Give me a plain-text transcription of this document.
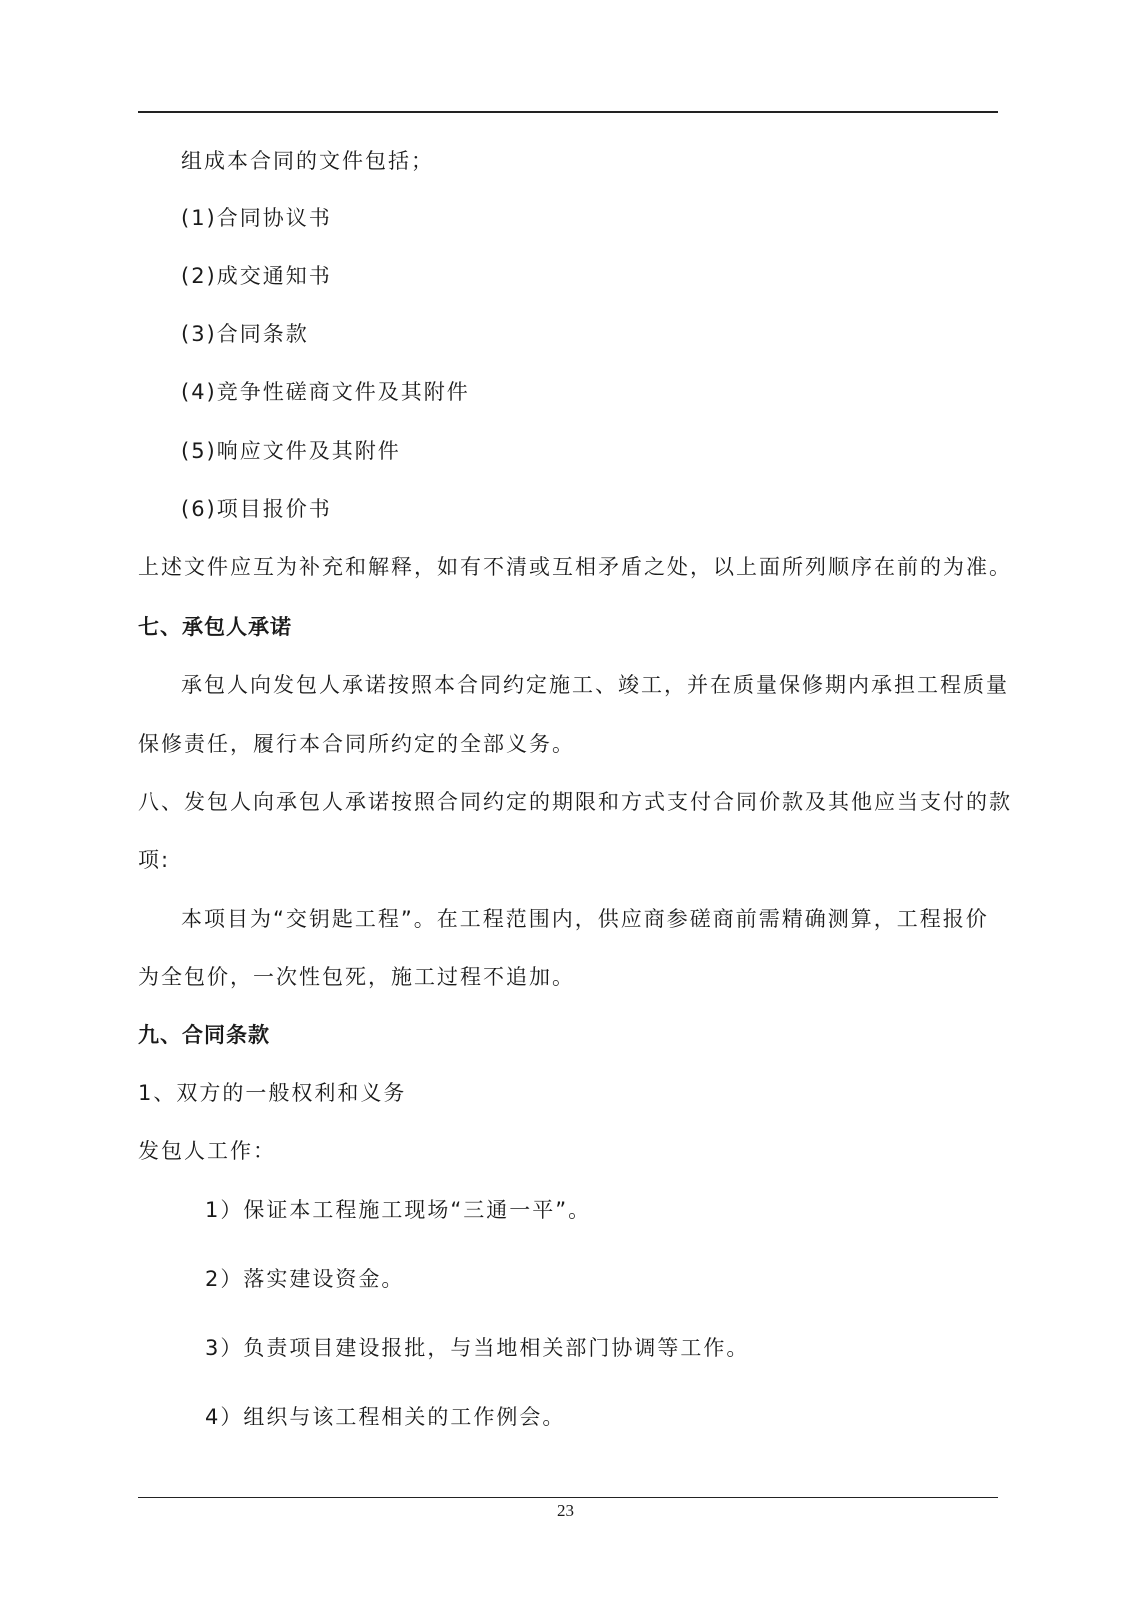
组成本合同的文件包括；
(1)合同协议书
(2)成交通知书
(3)合同条款
(4)竞争性磋商文件及其附件
(5)响应文件及其附件
(6)项目报价书
上述文件应互为补充和解释，如有不清或互相矛盾之处，以上面所列顺序在前的为准。
七、承包人承诺
承包人向发包人承诺按照本合同约定施工、竣工，并在质量保修期内承担工程质量
保修责任，履行本合同所约定的全部义务。
八、发包人向承包人承诺按照合同约定的期限和方式支付合同价款及其他应当支付的款
项:
本项目为“交钥匙工程”。在工程范围内，供应商参磋商前需精确测算，工程报价
为全包价，一次性包死，施工过程不追加。
九、合同条款
1、双方的一般权利和义务
发包人工作：
1）保证本工程施工现场“三通一平”。
2）落实建设资金。
3）负责项目建设报批，与当地相关部门协调等工作。
4）组织与该工程相关的工作例会。
23
